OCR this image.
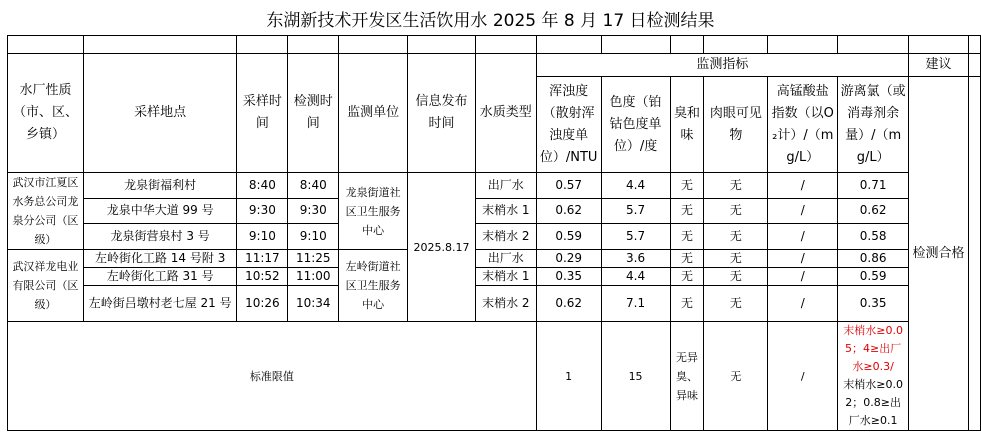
东湖新技术开发区生活饮用水 2025 年 8 月 17 日检测结果

水厂性质（市、区、乡镇）	采样地点	采样时间	检测时间	监测单位	信息发布时间	水质类型	监测指标						建议	
							浑浊度（散射浑浊度单位）/NTU	色度（铂钴色度单位）/度	臭和味	肉眼可见物	高锰酸盐指数（以O₂计）/（mg/L）	游离氯（或消毒剂余量）/（mg/L）	检测合格	
武汉市江夏区水务总公司龙泉分公司（区级）	龙泉街福利村	8:40	8:40	龙泉街道社区卫生服务中心	2025.8.17	出厂水	0.57	4.4	无	无	/	0.71		
	龙泉中华大道 99 号	9:30	9:30			末梢水 1	0.62	5.7	无	无	/	0.62		
	龙泉街营泉村 3 号	9:10	9:10			末梢水 2	0.59	5.7	无	无	/	0.58		
武汉祥龙电业有限公司（区级）	左岭街化工路 14 号附 3	11:17	11:25	左岭街道社区卫生服务中心		出厂水	0.29	3.6	无	无	/	0.86		
	左岭街化工路 31 号	10:52	11:00			末梢水 1	0.35	4.4	无	无	/	0.59		
	左岭街吕墩村老七屋 21 号	10:26	10:34			末梢水 2	0.62	7.1	无	无	/	0.35		
标准限值							1	15	无异臭、异味	无	/	末梢水≥0.05；4≥出厂水≥0.3/
末梢水≥0.02；0.8≥出厂水≥0.1		
